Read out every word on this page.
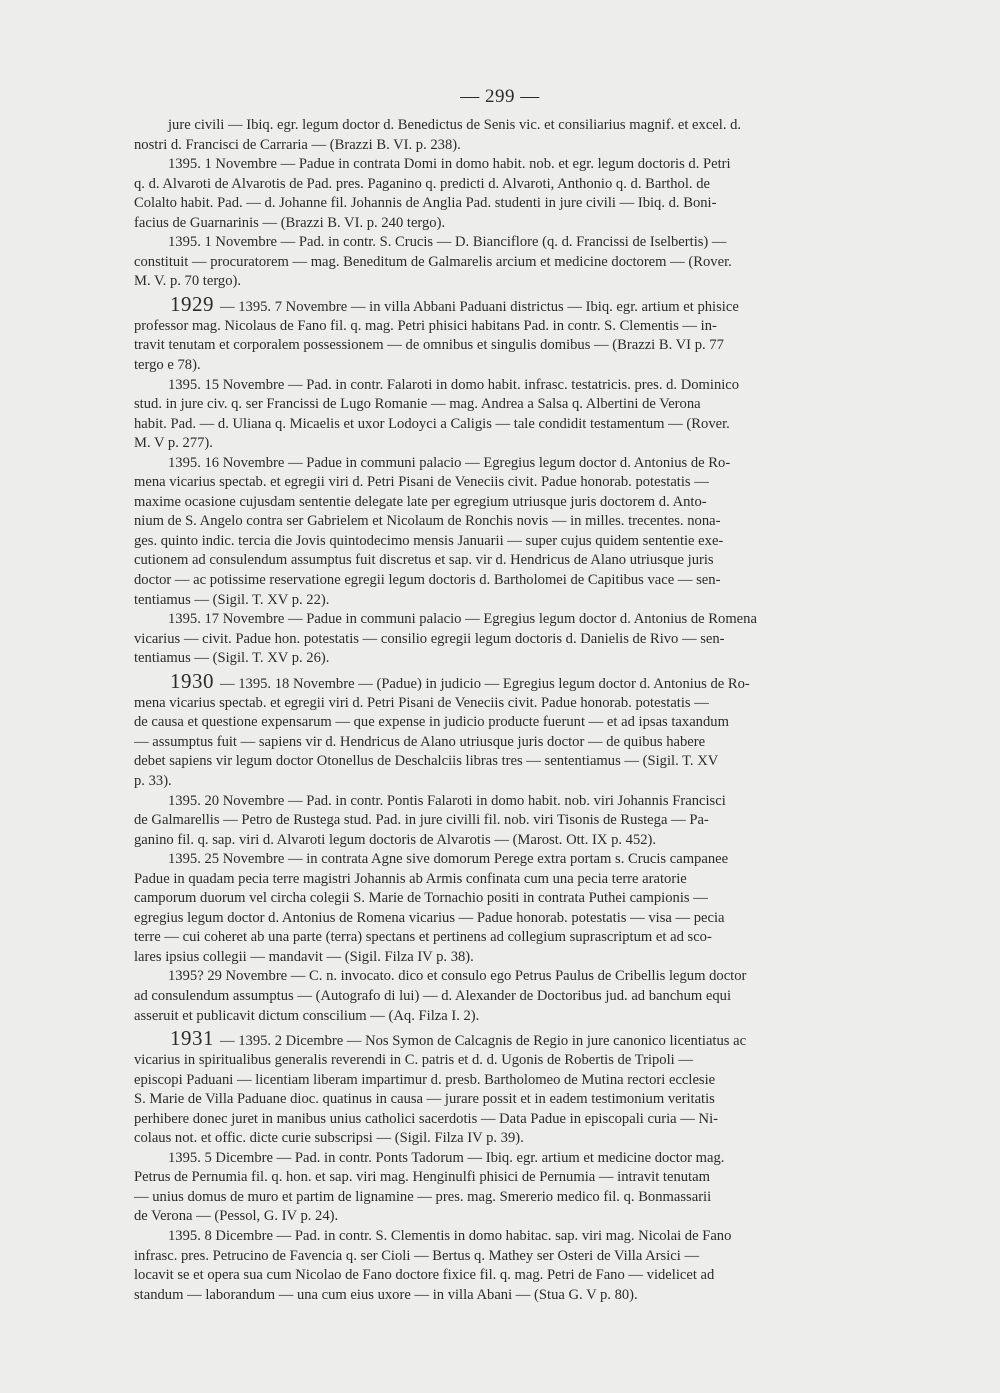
— 299 —
jure civili — Ibiq. egr. legum doctor d. Benedictus de Senis vic. et consiliarius magnif. et excel. d.
nostri d. Francisci de Carraria — (Brazzi B. VI. p. 238).
1395. 1 Novembre — Padue in contrata Domi in domo habit. nob. et egr. legum doctoris d. Petri
q. d. Alvaroti de Alvarotis de Pad. pres. Paganino q. predicti d. Alvaroti, Anthonio q. d. Barthol. de
Colalto habit. Pad. — d. Johanne fil. Johannis de Anglia Pad. studenti in jure civili — Ibiq. d. Boni-
facius de Guarnarinis — (Brazzi B. VI. p. 240 tergo).
1395. 1 Novembre — Pad. in contr. S. Crucis — D. Bianciflore (q. d. Francissi de Iselbertis) —
constituit — procuratorem — mag. Beneditum de Galmarelis arcium et medicine doctorem — (Rover.
M. V. p. 70 tergo).
1929 — 1395. 7 Novembre — in villa Abbani Paduani districtus — Ibiq. egr. artium et phisice
professor mag. Nicolaus de Fano fil. q. mag. Petri phisici habitans Pad. in contr. S. Clementis — in-
travit tenutam et corporalem possessionem — de omnibus et singulis domibus — (Brazzi B. VI p. 77
tergo e 78).
1395. 15 Novembre — Pad. in contr. Falaroti in domo habit. infrasc. testatricis. pres. d. Dominico
stud. in jure civ. q. ser Francissi de Lugo Romanie — mag. Andrea a Salsa q. Albertini de Verona
habit. Pad. — d. Uliana q. Micaelis et uxor Lodoyci a Caligis — tale condidit testamentum — (Rover.
M. V p. 277).
1395. 16 Novembre — Padue in communi palacio — Egregius legum doctor d. Antonius de Ro-
mena vicarius spectab. et egregii viri d. Petri Pisani de Veneciis civit. Padue honorab. potestatis —
maxime ocasione cujusdam sententie delegate late per egregium utriusque juris doctorem d. Anto-
nium de S. Angelo contra ser Gabrielem et Nicolaum de Ronchis novis — in milles. trecentes. nona-
ges. quinto indic. tercia die Jovis quintodecimo mensis Januarii — super cujus quidem sententie exe-
cutionem ad consulendum assumptus fuit discretus et sap. vir d. Hendricus de Alano utriusque juris
doctor — ac potissime reservatione egregii legum doctoris d. Bartholomei de Capitibus vace — sen-
tentiamus — (Sigil. T. XV p. 22).
1395. 17 Novembre — Padue in communi palacio — Egregius legum doctor d. Antonius de Romena
vicarius — civit. Padue hon. potestatis — consilio egregii legum doctoris d. Danielis de Rivo — sen-
tentiamus — (Sigil. T. XV p. 26).
1930 — 1395. 18 Novembre — (Padue) in judicio — Egregius legum doctor d. Antonius de Ro-
mena vicarius spectab. et egregii viri d. Petri Pisani de Veneciis civit. Padue honorab. potestatis —
de causa et questione expensarum — que expense in judicio producte fuerunt — et ad ipsas taxandum
— assumptus fuit — sapiens vir d. Hendricus de Alano utriusque juris doctor — de quibus habere
debet sapiens vir legum doctor Otonellus de Deschalciis libras tres — sententiamus — (Sigil. T. XV
p. 33).
1395. 20 Novembre — Pad. in contr. Pontis Falaroti in domo habit. nob. viri Johannis Francisci
de Galmarellis — Petro de Rustega stud. Pad. in jure civilli fil. nob. viri Tisonis de Rustega — Pa-
ganino fil. q. sap. viri d. Alvaroti legum doctoris de Alvarotis — (Marost. Ott. IX p. 452).
1395. 25 Novembre — in contrata Agne sive domorum Perege extra portam s. Crucis campanee
Padue in quadam pecia terre magistri Johannis ab Armis confinata cum una pecia terre aratorie
camporum duorum vel circha colegii S. Marie de Tornachio positi in contrata Puthei campionis —
egregius legum doctor d. Antonius de Romena vicarius — Padue honorab. potestatis — visa — pecia
terre — cui coheret ab una parte (terra) spectans et pertinens ad collegium suprascriptum et ad sco-
lares ipsius collegii — mandavit — (Sigil. Filza IV p. 38).
1395? 29 Novembre — C. n. invocato. dico et consulo ego Petrus Paulus de Cribellis legum doctor
ad consulendum assumptus — (Autografo di lui) — d. Alexander de Doctoribus jud. ad banchum equi
asseruit et publicavit dictum conscilium — (Aq. Filza I. 2).
1931 — 1395. 2 Dicembre — Nos Symon de Calcagnis de Regio in jure canonico licentiatus ac
vicarius in spiritualibus generalis reverendi in C. patris et d. d. Ugonis de Robertis de Tripoli —
episcopi Paduani — licentiam liberam impartimur d. presb. Bartholomeo de Mutina rectori ecclesie
S. Marie de Villa Paduane dioc. quatinus in causa — jurare possit et in eadem testimonium veritatis
perhibere donec juret in manibus unius catholici sacerdotis — Data Padue in episcopali curia — Ni-
colaus not. et offic. dicte curie subscripsi — (Sigil. Filza IV p. 39).
1395. 5 Dicembre — Pad. in contr. Ponts Tadorum — Ibiq. egr. artium et medicine doctor mag.
Petrus de Pernumia fil. q. hon. et sap. viri mag. Henginulfi phisici de Pernumia — intravit tenutam
— unius domus de muro et partim de lignamine — pres. mag. Smererio medico fil. q. Bonmassarii
de Verona — (Pessol, G. IV p. 24).
1395. 8 Dicembre — Pad. in contr. S. Clementis in domo habitac. sap. viri mag. Nicolai de Fano
infrasc. pres. Petrucino de Favencia q. ser Cioli — Bertus q. Mathey ser Osteri de Villa Arsici —
locavit se et opera sua cum Nicolao de Fano doctore fixice fil. q. mag. Petri de Fano — videlicet ad
standum — laborandum — una cum eius uxore — in villa Abani — (Stua G. V p. 80).
